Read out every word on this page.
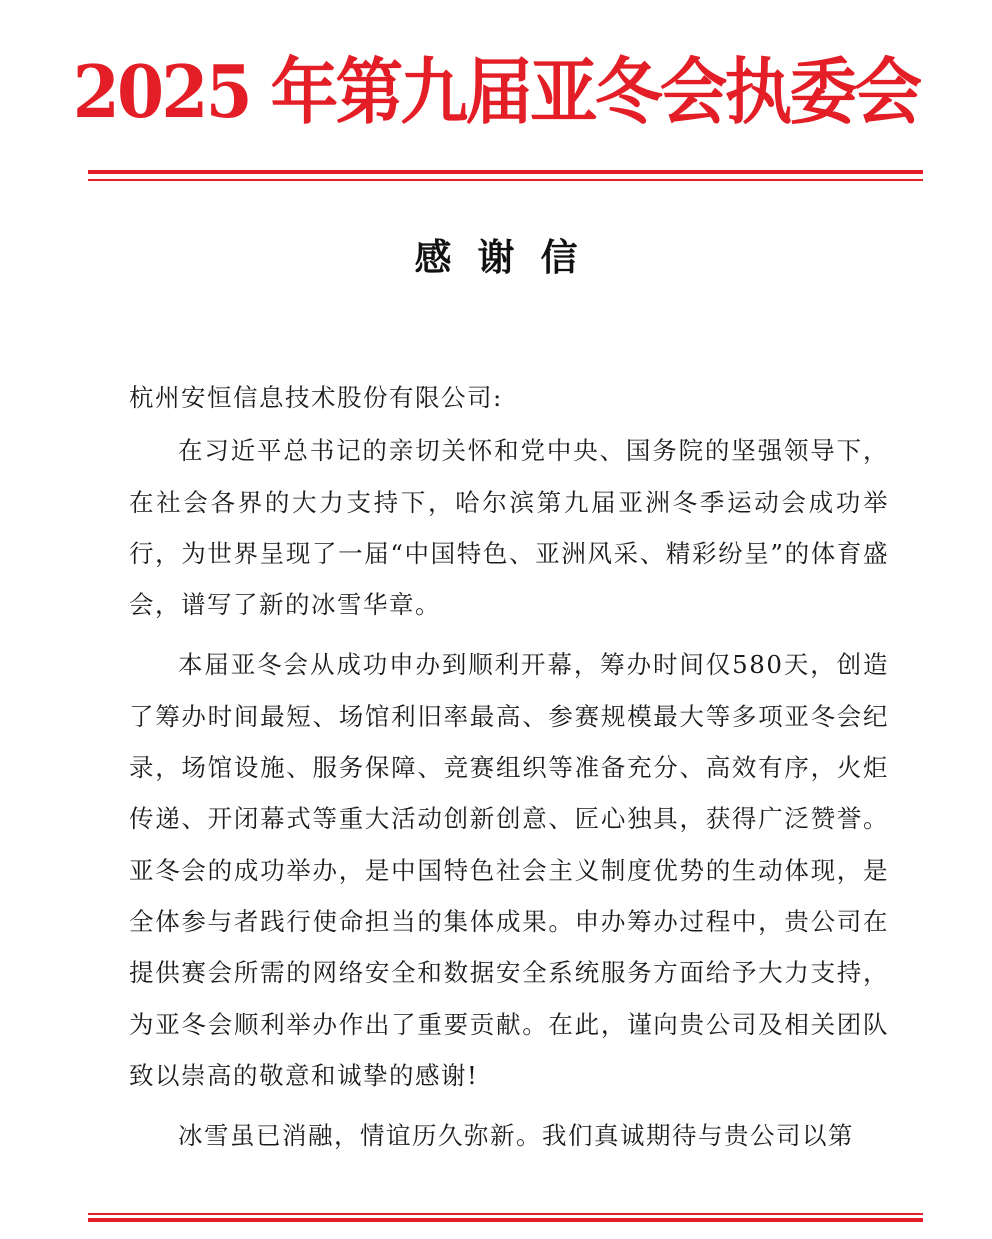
2025 年第九届亚冬会执委会
感谢信

杭州安恒信息技术股份有限公司:

在习近平总书记的亲切关怀和党中央、国务院的坚强领导下，在社会各界的大力支持下，哈尔滨第九届亚洲冬季运动会成功举行，为世界呈现了一届“中国特色、亚洲风采、精彩纷呈”的体育盛会，谱写了新的冰雪华章。

本届亚冬会从成功申办到顺利开幕，筹办时间仅580天，创造了筹办时间最短、场馆利旧率最高、参赛规模最大等多项亚冬会纪录，场馆设施、服务保障、竞赛组织等准备充分、高效有序，火炬传递、开闭幕式等重大活动创新创意、匠心独具，获得广泛赞誉。亚冬会的成功举办，是中国特色社会主义制度优势的生动体现，是全体参与者践行使命担当的集体成果。申办筹办过程中，贵公司在提供赛会所需的网络安全和数据安全系统服务方面给予大力支持，为亚冬会顺利举办作出了重要贡献。在此，谨向贵公司及相关团队致以崇高的敬意和诚挚的感谢!

冰雪虽已消融，情谊历久弥新。我们真诚期待与贵公司以第
